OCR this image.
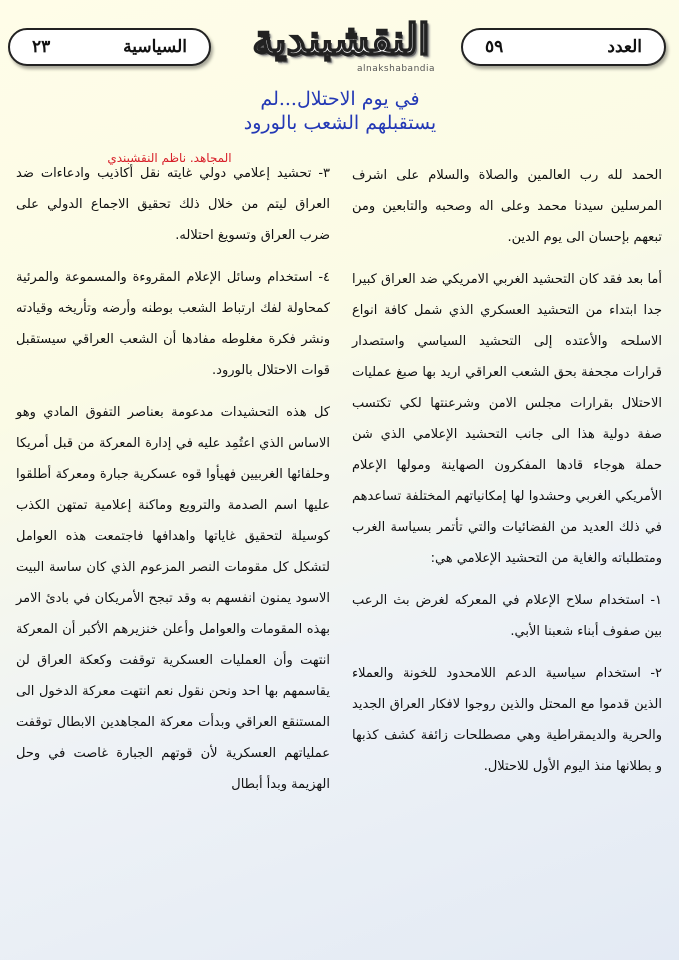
٢٣	السياسية النقشبندية
alnakshabandia
٥٩	العدد
في يوم الاحتلال...لم
يستقبلهم الشعب بالورود
المجاهد. ناظم النقشبندي

الحمد لله رب العالمين والصلاة والسلام على اشرف المرسلين سيدنا محمد وعلى اله وصحبه والتابعين ومن تبعهم بإحسان الى يوم الدين.

أما بعد فقد كان التحشيد الغربي الامريكي ضد العراق كبيرا جدا ابتداء من التحشيد العسكري الذي شمل كافة انواع الاسلحه والأعتده إلى التحشيد السياسي واستصدار قرارات مجحفة بحق الشعب العراقي اريد بها صبغ عمليات الاحتلال بقرارات مجلس الامن وشرعنتها لكي تكتسب صفة دولية هذا الى جانب التحشيد الإعلامي الذي شن حملة هوجاء قادها المفكرون الصهاينة ومولها الإعلام الأمريكي الغربي وحشدوا لها إمكانياتهم المختلفة تساعدهم في ذلك العديد من الفضائيات والتي تأتمر بسياسة الغرب ومتطلباته والغاية من التحشيد الإعلامي هي:

١- استخدام سلاح الإعلام في المعركه لغرض بث الرعب بين صفوف أبناء شعبنا الأبي.

٢- استخدام سياسية الدعم اللامحدود للخونة والعملاء الذين قدموا مع المحتل والذين روجوا لافكار العراق الجديد والحرية والديمقراطية وهي مصطلحات زائفة كشف كذبها و بطلانها منذ اليوم الأول للاحتلال.

٣- تحشيد إعلامي دولي غايته نقل أكاذيب وادعاءات ضد العراق ليتم من خلال ذلك تحقيق الاجماع الدولي على ضرب العراق وتسويغ احتلاله.

٤- استخدام وسائل الإعلام المقروءة والمسموعة والمرئية كمحاولة لفك ارتباط الشعب بوطنه وأرضه وتأريخه وقيادته ونشر فكرة مغلوطه مفادها أن الشعب العراقي سيستقبل قوات الاحتلال بالورود.

كل هذه التحشيدات مدعومة بعناصر التفوق المادي وهو الاساس الذي اعتُمِد عليه في إدارة المعركة من قبل أمريكا وحلفائها الغربيين فهيأوا قوه عسكرية جبارة ومعركة أطلقوا عليها اسم الصدمة والترويع وماكنة إعلامية تمتهن الكذب كوسيلة لتحقيق غاياتها واهدافها فاجتمعت هذه العوامل لتشكل كل مقومات النصر المزعوم الذي كان ساسة البيت الاسود يمنون انفسهم به وقد تبجح الأمريكان في بادئ الامر بهذه المقومات والعوامل وأعلن خنزيرهم الأكبر أن المعركة انتهت وأن العمليات العسكرية توقفت وكعكة العراق لن يقاسمهم بها احد ونحن نقول نعم انتهت معركة الدخول الى المستنقع العراقي وبدأت معركة المجاهدين الابطال توقفت عملياتهم العسكرية لأن قوتهم الجبارة غاصت في وحل الهزيمة وبدأ أبطال
